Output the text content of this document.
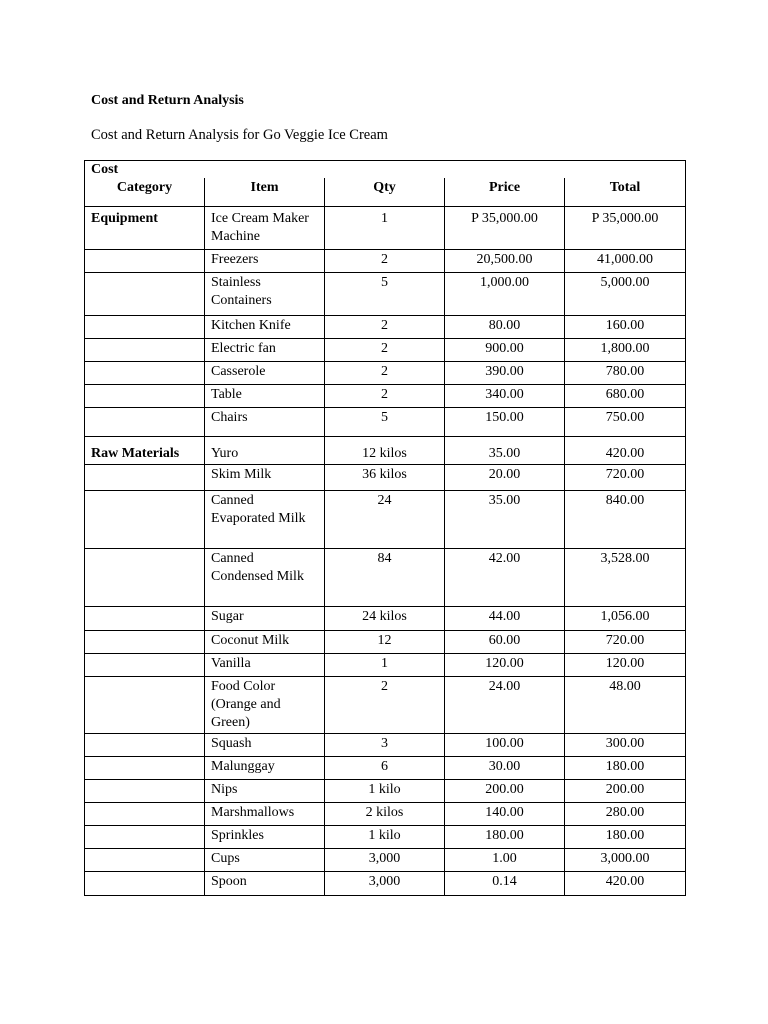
Cost and Return Analysis
Cost and Return Analysis for Go Veggie Ice Cream
Cost				
Category	Item	Qty	Price	Total
Equipment	Ice Cream Maker Machine	1	P 35,000.00	P 35,000.00
	Freezers	2	20,500.00	41,000.00
	Stainless Containers	5	1,000.00	5,000.00
	Kitchen Knife	2	80.00	160.00
	Electric fan	2	900.00	1,800.00
	Casserole	2	390.00	780.00
	Table	2	340.00	680.00
	Chairs	5	150.00	750.00
Raw Materials	Yuro	12 kilos	35.00	420.00
	Skim Milk	36 kilos	20.00	720.00
	Canned Evaporated Milk	24	35.00	840.00
	Canned Condensed Milk	84	42.00	3,528.00
	Sugar	24 kilos	44.00	1,056.00
	Coconut Milk	12	60.00	720.00
	Vanilla	1	120.00	120.00
	Food Color (Orange and Green)	2	24.00	48.00
	Squash	3	100.00	300.00
	Malunggay	6	30.00	180.00
	Nips	1 kilo	200.00	200.00
	Marshmallows	2 kilos	140.00	280.00
	Sprinkles	1 kilo	180.00	180.00
	Cups	3,000	1.00	3,000.00
	Spoon	3,000	0.14	420.00
